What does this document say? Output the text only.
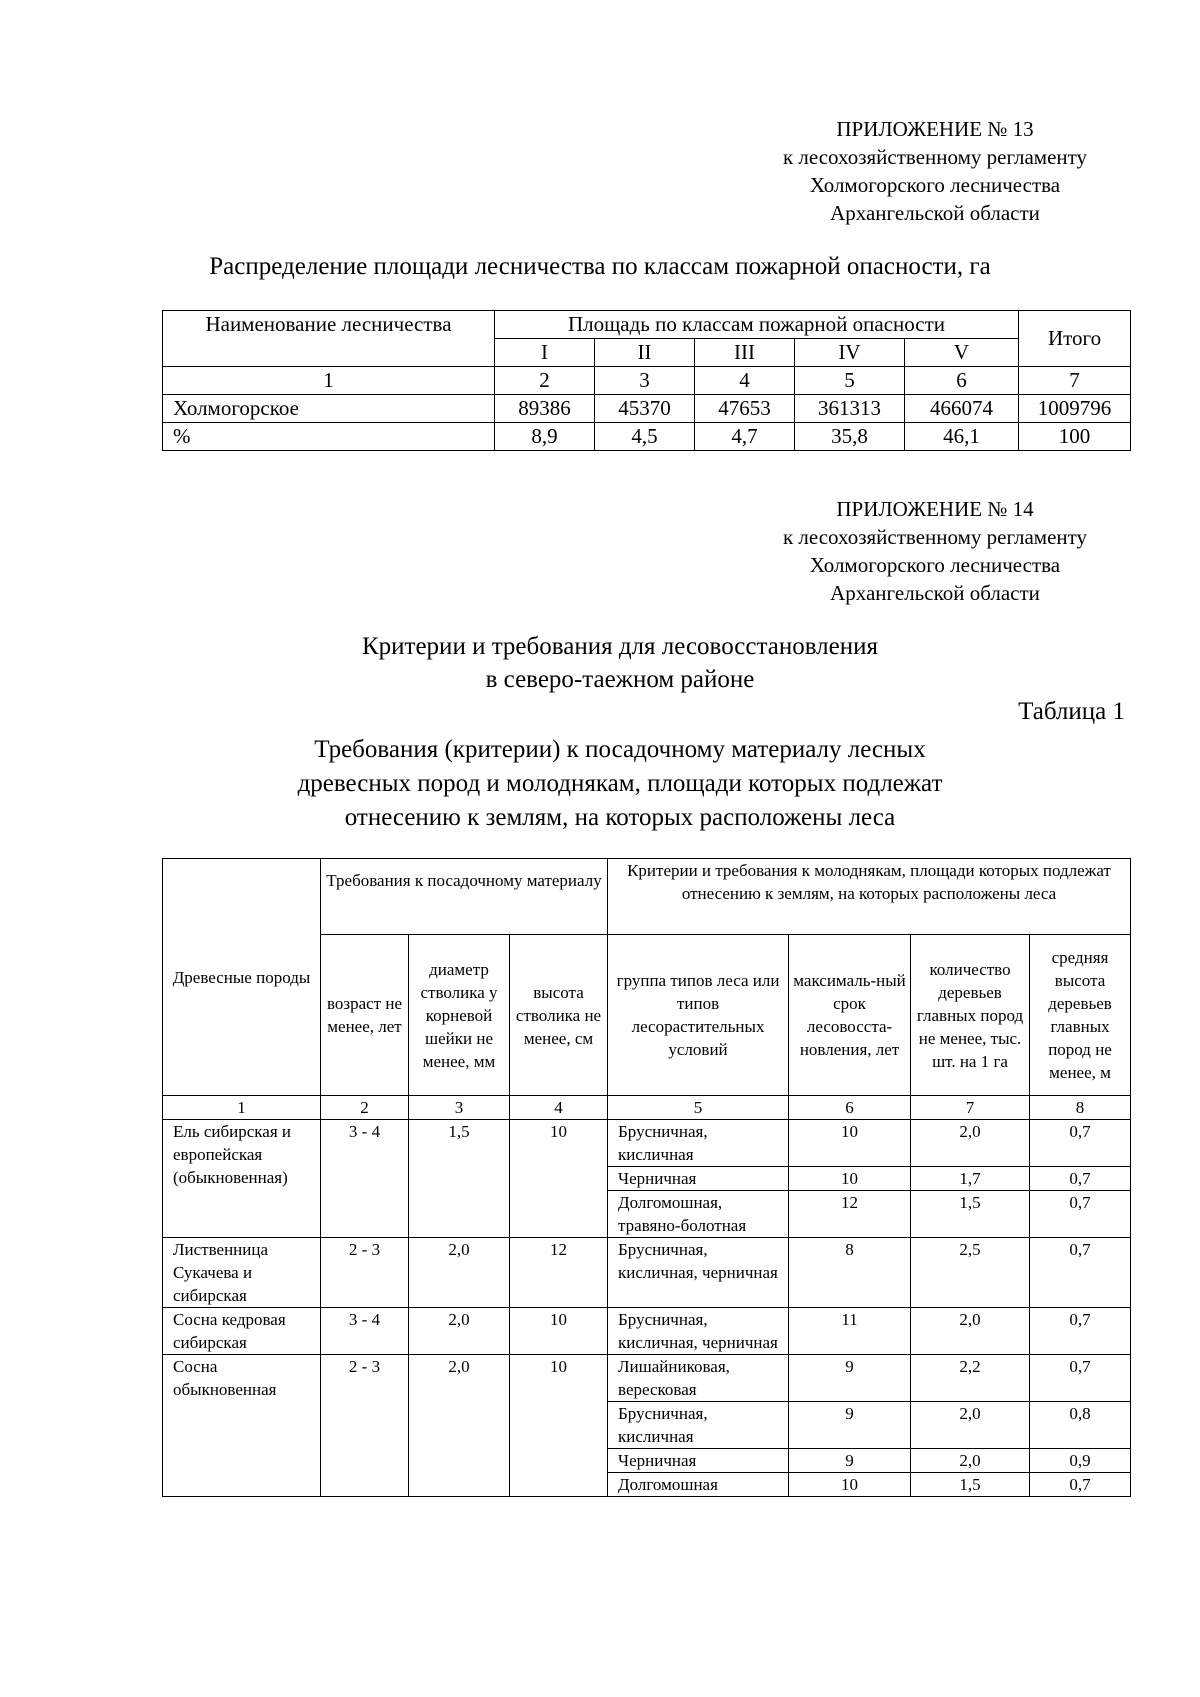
ПРИЛОЖЕНИЕ № 13
к лесохозяйственному регламенту
Холмогорского лесничества
Архангельской области
Распределение площади лесничества по классам пожарной опасности, га
Наименование лесничества	Площадь по классам пожарной опасности					Итого
	I	II	III	IV	V	
1	2	3	4	5	6	7
Холмогорское	89386	45370	47653	361313	466074	1009796
%	8,9	4,5	4,7	35,8	46,1	100
ПРИЛОЖЕНИЕ № 14
к лесохозяйственному регламенту
Холмогорского лесничества
Архангельской области
Критерии и требования для лесовосстановления
в северо-таежном районе
Таблица 1
Требования (критерии) к посадочному материалу лесных
древесных пород и молоднякам, площади которых подлежат
отнесению к землям, на которых расположены леса
Древесные породы	Требования к посадочному материалу			Критерии и требования к молоднякам, площади которых подлежат отнесению к землям, на которых расположены леса			
	возраст не менее, лет	диаметр стволика у корневой шейки не менее, мм	высота стволика не менее, см	группа типов леса или типов лесорастительных условий	максималь-ный срок лесовосста-новления, лет	количество деревьев главных пород не менее, тыс. шт. на 1 га	средняя высота деревьев главных пород не менее, м
1	2	3	4	5	6	7	8
Ель сибирская и европейская (обыкновенная)	3 - 4	1,5	10	Брусничная, кисличная	10	2,0	0,7
				Черничная	10	1,7	0,7
				Долгомошная, травяно-болотная	12	1,5	0,7
Лиственница Сукачева и сибирская	2 - 3	2,0	12	Брусничная, кисличная, черничная	8	2,5	0,7
Сосна кедровая сибирская	3 - 4	2,0	10	Брусничная, кисличная, черничная	11	2,0	0,7
Сосна обыкновенная	2 - 3	2,0	10	Лишайниковая, вересковая	9	2,2	0,7
				Брусничная, кисличная	9	2,0	0,8
				Черничная	9	2,0	0,9
				Долгомошная	10	1,5	0,7
